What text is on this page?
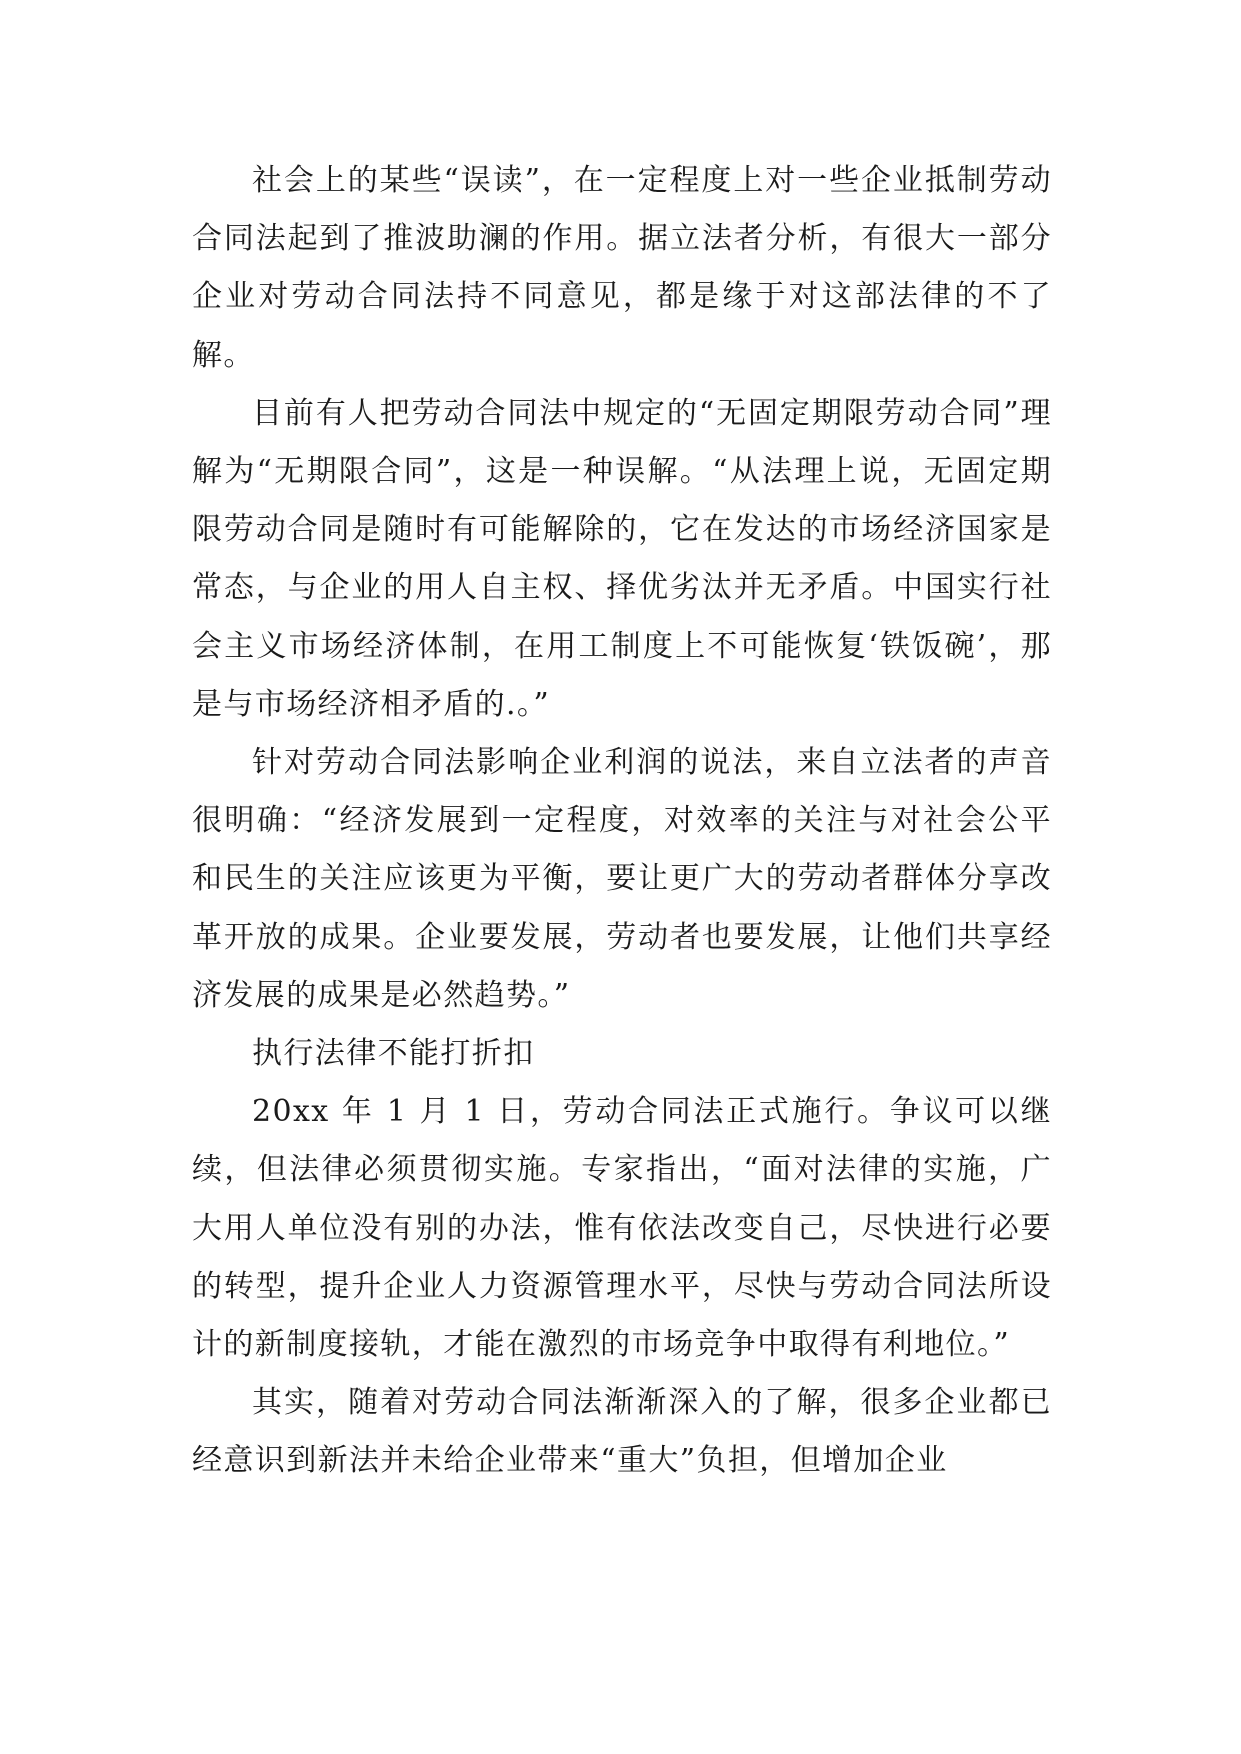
社会上的某些“误读”，在一定程度上对一些企业抵制劳动合同法起到了推波助澜的作用。据立法者分析，有很大一部分企业对劳动合同法持不同意见，都是缘于对这部法律的不了解。

目前有人把劳动合同法中规定的“无固定期限劳动合同”理解为“无期限合同”，这是一种误解。“从法理上说，无固定期限劳动合同是随时有可能解除的，它在发达的市场经济国家是常态，与企业的用人自主权、择优劣汰并无矛盾。中国实行社会主义市场经济体制，在用工制度上不可能恢复‘铁饭碗’，那是与市场经济相矛盾的.。”

针对劳动合同法影响企业利润的说法，来自立法者的声音很明确：“经济发展到一定程度，对效率的关注与对社会公平和民生的关注应该更为平衡，要让更广大的劳动者群体分享改革开放的成果。企业要发展，劳动者也要发展，让他们共享经济发展的成果是必然趋势。”

执行法律不能打折扣

20xx 年 1 月 1 日，劳动合同法正式施行。争议可以继续，但法律必须贯彻实施。专家指出，“面对法律的实施，广大用人单位没有别的办法，惟有依法改变自己，尽快进行必要的转型，提升企业人力资源管理水平，尽快与劳动合同法所设计的新制度接轨，才能在激烈的市场竞争中取得有利地位。”

其实，随着对劳动合同法渐渐深入的了解，很多企业都已经意识到新法并未给企业带来“重大”负担，但增加企业
